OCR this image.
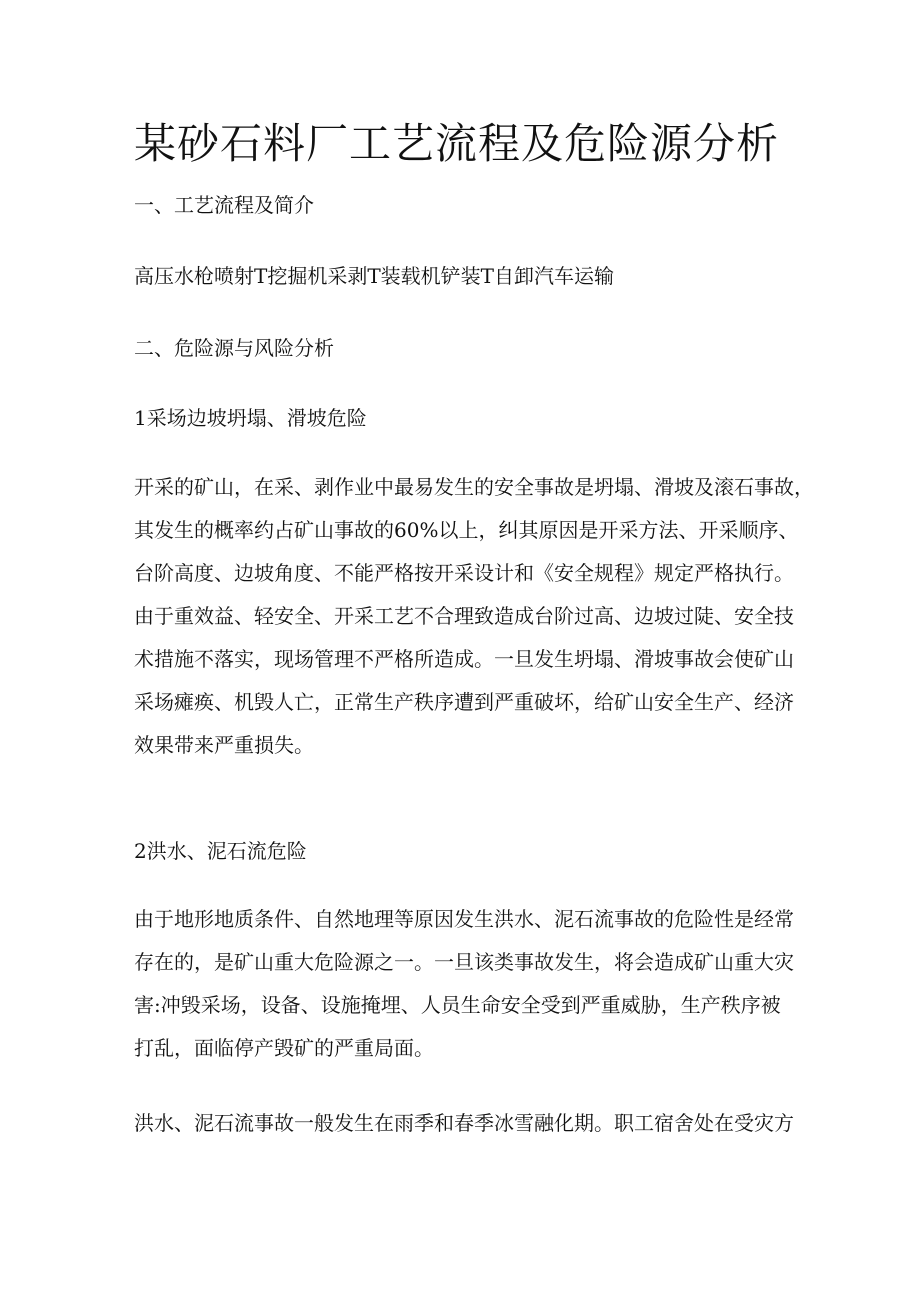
某砂石料厂工艺流程及危险源分析

一、工艺流程及简介

高压水枪喷射T挖掘机采剥T装载机铲装T自卸汽车运输

二、危险源与风险分析

1采场边坡坍塌、滑坡危险

开采的矿山，在采、剥作业中最易发生的安全事故是坍塌、滑坡及滚石事故，
其发生的概率约占矿山事故的60%以上，纠其原因是开采方法、开采顺序、
台阶高度、边坡角度、不能严格按开采设计和《安全规程》规定严格执行。
由于重效益、轻安全、开采工艺不合理致造成台阶过高、边坡过陡、安全技
术措施不落实，现场管理不严格所造成。一旦发生坍塌、滑坡事故会使矿山
采场瘫痪、机毁人亡，正常生产秩序遭到严重破坏，给矿山安全生产、经济
效果带来严重损失。

2洪水、泥石流危险

由于地形地质条件、自然地理等原因发生洪水、泥石流事故的危险性是经常
存在的，是矿山重大危险源之一。一旦该类事故发生，将会造成矿山重大灾
害:冲毁采场，设备、设施掩埋、人员生命安全受到严重威胁，生产秩序被
打乱，面临停产毁矿的严重局面。
洪水、泥石流事故一般发生在雨季和春季冰雪融化期。职工宿舍处在受灾方
